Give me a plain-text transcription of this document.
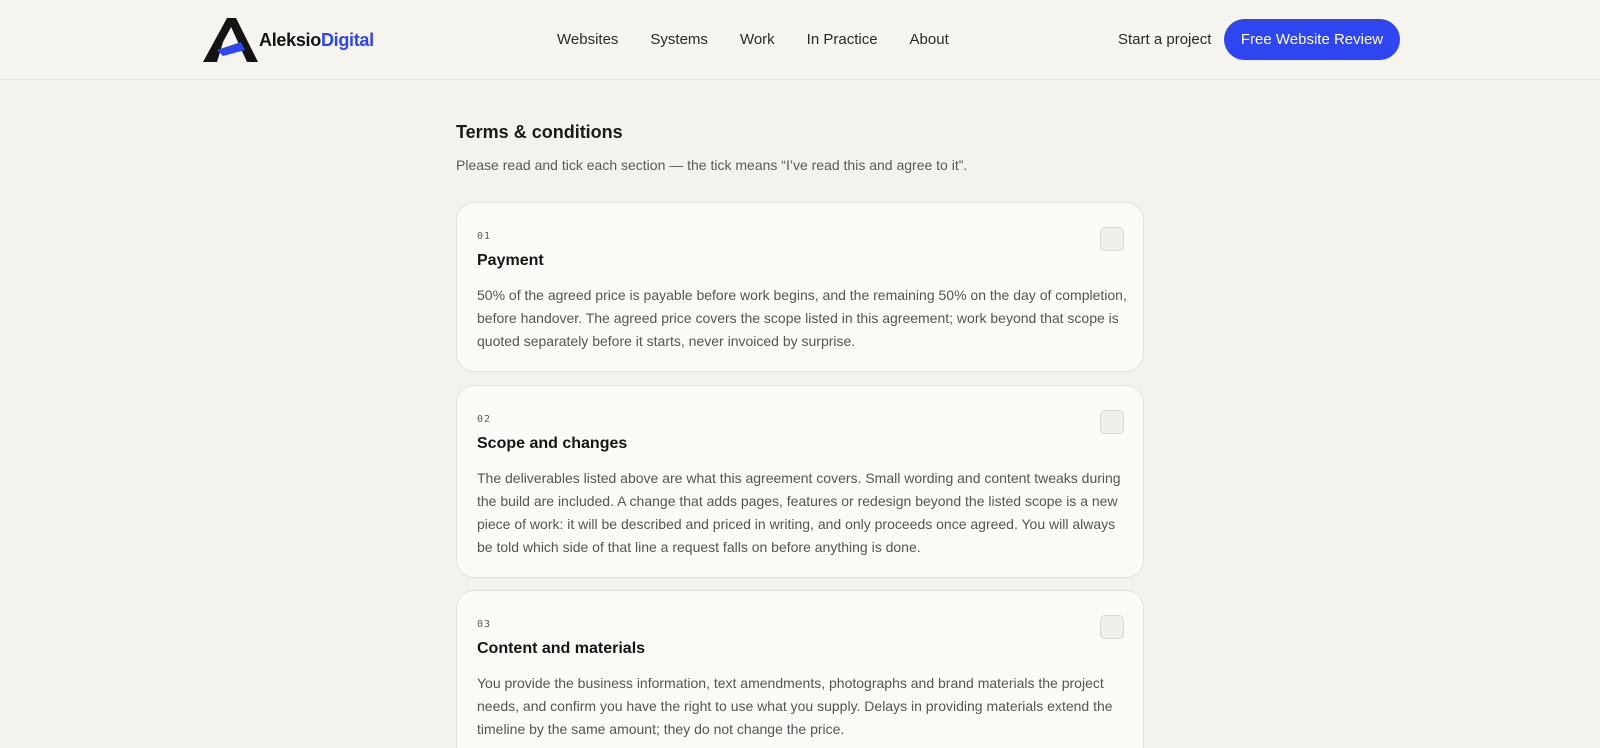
AleksioDigital	Websites Systems Work In Practice About	Start a project	Free Website Review
Terms & conditions
Please read and tick each section — the tick means “I’ve read this and agree to it”.
01
Payment
50% of the agreed price is payable before work begins, and the remaining 50% on the day of completion, before handover. The agreed price covers the scope listed in this agreement; work beyond that scope is quoted separately before it starts, never invoiced by surprise.
02
Scope and changes
The deliverables listed above are what this agreement covers. Small wording and content tweaks during the build are included. A change that adds pages, features or redesign beyond the listed scope is a new piece of work: it will be described and priced in writing, and only proceeds once agreed. You will always be told which side of that line a request falls on before anything is done.
03
Content and materials
You provide the business information, text amendments, photographs and brand materials the project needs, and confirm you have the right to use what you supply. Delays in providing materials extend the timeline by the same amount; they do not change the price.
